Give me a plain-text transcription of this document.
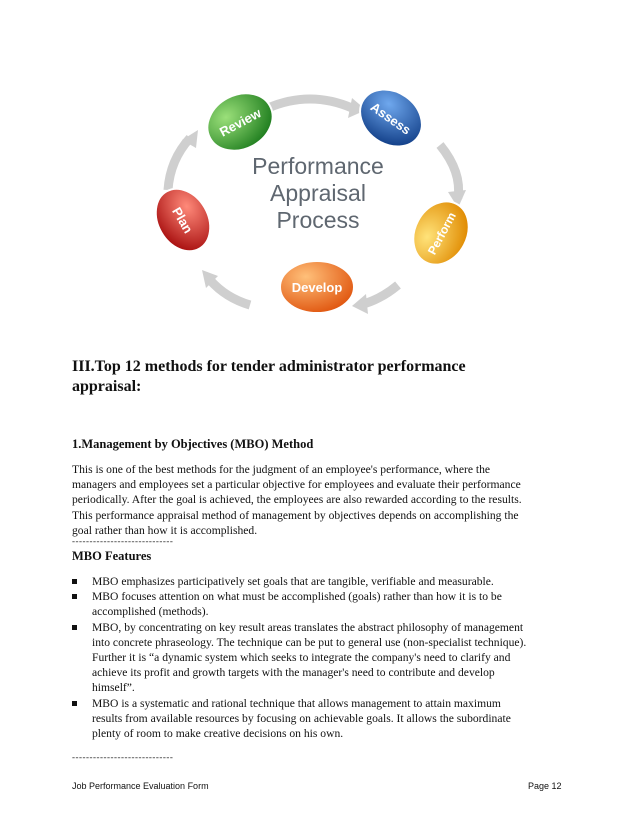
Review	Assess
Perform
Develop
Plan
Performance
Appraisal
Process
III.Top 12 methods for tender administrator performance
appraisal:
1.Management by Objectives (MBO) Method
This is one of the best methods for the judgment of an employee's performance, where the
managers and employees set a particular objective for employees and evaluate their performance
periodically. After the goal is achieved, the employees are also rewarded according to the results.
This performance appraisal method of management by objectives depends on accomplishing the
goal rather than how it is accomplished.
-----------------------------
MBO Features
MBO emphasizes participatively set goals that are tangible, verifiable and measurable.
MBO focuses attention on what must be accomplished (goals) rather than how it is to be
accomplished (methods).
MBO, by concentrating on key result areas translates the abstract philosophy of management
into concrete phraseology. The technique can be put to general use (non-specialist technique).
Further it is “a dynamic system which seeks to integrate the company's need to clarify and
achieve its profit and growth targets with the manager's need to contribute and develop
himself”.
MBO is a systematic and rational technique that allows management to attain maximum
results from available resources by focusing on achievable goals. It allows the subordinate
plenty of room to make creative decisions on his own.
-----------------------------
Job Performance Evaluation Form	Page 12
